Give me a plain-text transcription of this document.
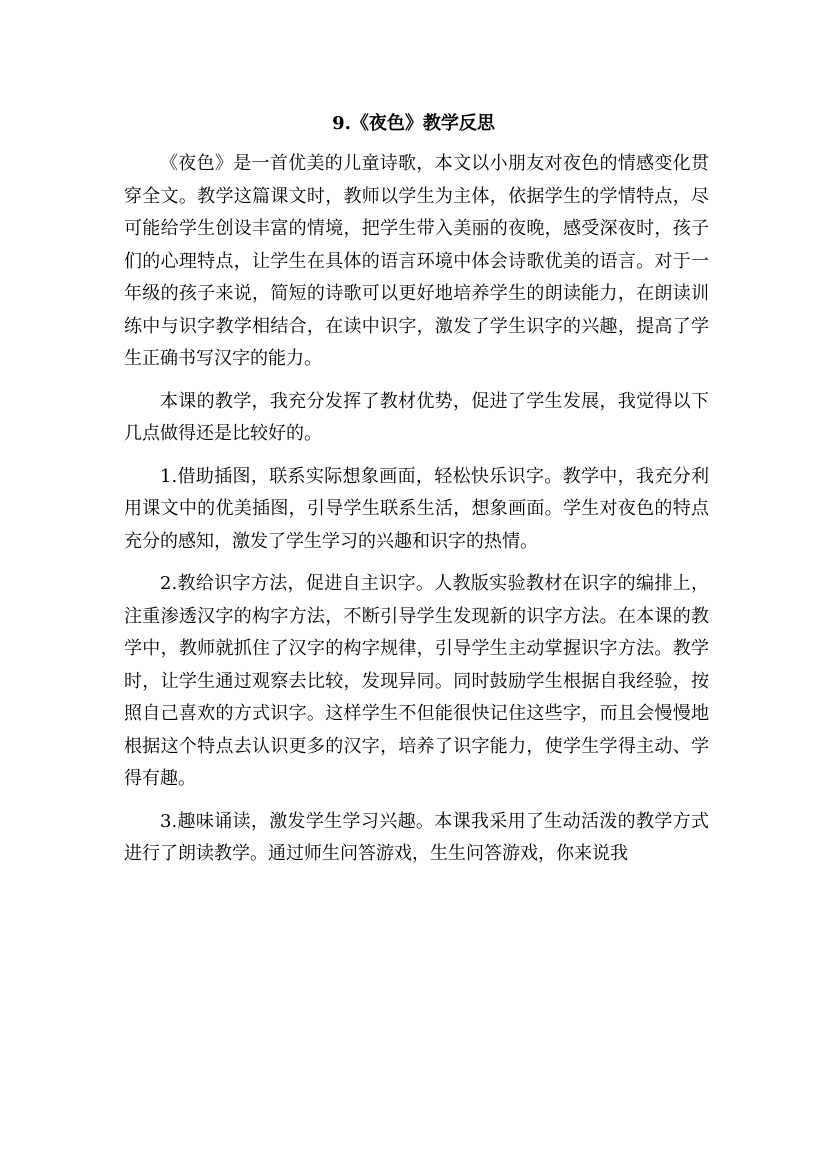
9.《夜色》教学反思

《夜色》是一首优美的儿童诗歌，本文以小朋友对夜色的情感变化贯穿全文。教学这篇课文时，教师以学生为主体，依据学生的学情特点，尽可能给学生创设丰富的情境，把学生带入美丽的夜晚，感受深夜时，孩子们的心理特点，让学生在具体的语言环境中体会诗歌优美的语言。对于一年级的孩子来说，简短的诗歌可以更好地培养学生的朗读能力，在朗读训练中与识字教学相结合，在读中识字，激发了学生识字的兴趣，提高了学生正确书写汉字的能力。

本课的教学，我充分发挥了教材优势，促进了学生发展，我觉得以下几点做得还是比较好的。

1.借助插图，联系实际想象画面，轻松快乐识字。教学中，我充分利用课文中的优美插图，引导学生联系生活，想象画面。学生对夜色的特点充分的感知，激发了学生学习的兴趣和识字的热情。

2.教给识字方法，促进自主识字。人教版实验教材在识字的编排上，注重渗透汉字的构字方法，不断引导学生发现新的识字方法。在本课的教学中，教师就抓住了汉字的构字规律，引导学生主动掌握识字方法。教学时，让学生通过观察去比较，发现异同。同时鼓励学生根据自我经验，按照自己喜欢的方式识字。这样学生不但能很快记住这些字，而且会慢慢地根据这个特点去认识更多的汉字，培养了识字能力，使学生学得主动、学得有趣。

3.趣味诵读，激发学生学习兴趣。本课我采用了生动活泼的教学方式进行了朗读教学。通过师生问答游戏，生生问答游戏，你来说我
